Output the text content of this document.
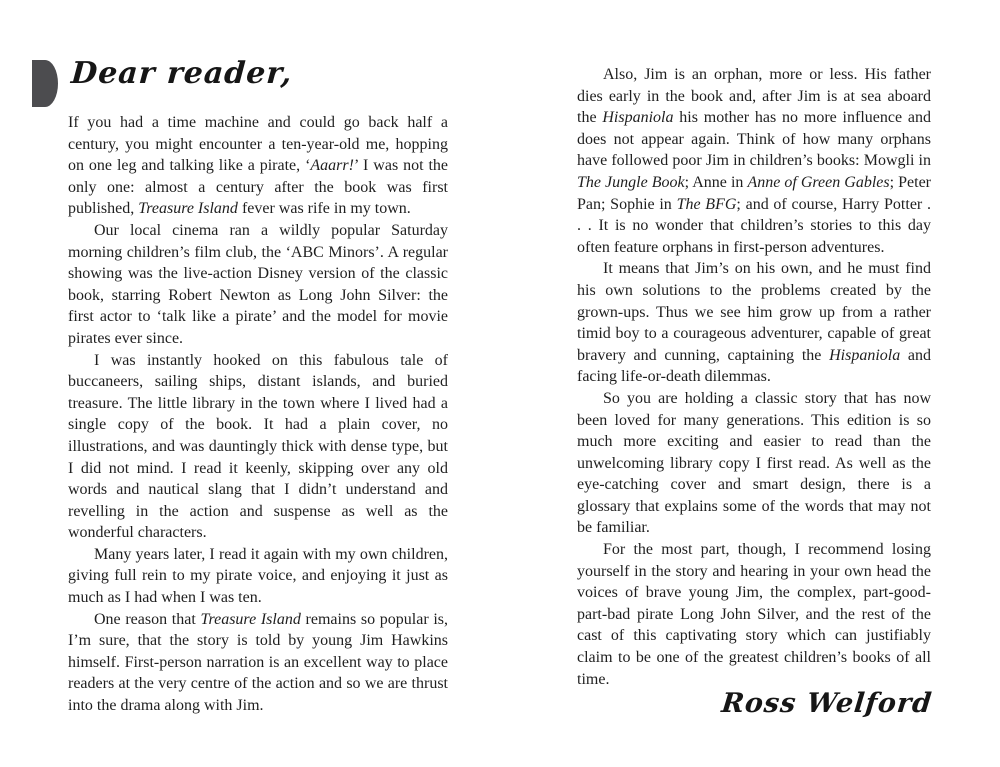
Dear reader,

If you had a time machine and could go back half a century, you might encounter a ten-year-old me, hopping on one leg and talking like a pirate, ‘Aaarr!’ I was not the only one: almost a century after the book was first published, Treasure Island fever was rife in my town.

Our local cinema ran a wildly popular Saturday morning children’s film club, the ‘ABC Minors’. A regular showing was the live-action Disney version of the classic book, starring Robert Newton as Long John Silver: the first actor to ‘talk like a pirate’ and the model for movie pirates ever since.

I was instantly hooked on this fabulous tale of buccaneers, sailing ships, distant islands, and buried treasure. The little library in the town where I lived had a single copy of the book. It had a plain cover, no illustrations, and was dauntingly thick with dense type, but I did not mind. I read it keenly, skipping over any old words and nautical slang that I didn’t understand and revelling in the action and suspense as well as the wonderful characters.

Many years later, I read it again with my own children, giving full rein to my pirate voice, and enjoying it just as much as I had when I was ten.

One reason that Treasure Island remains so popular is, I’m sure, that the story is told by young Jim Hawkins himself. First-person narration is an excellent way to place readers at the very centre of the action and so we are thrust into the drama along with Jim.

Also, Jim is an orphan, more or less. His father dies early in the book and, after Jim is at sea aboard the Hispaniola his mother has no more influence and does not appear again. Think of how many orphans have followed poor Jim in children’s books: Mowgli in The Jungle Book; Anne in Anne of Green Gables; Peter Pan; Sophie in The BFG; and of course, Harry Potter . . . It is no wonder that children’s stories to this day often feature orphans in first-person adventures.

It means that Jim’s on his own, and he must find his own solutions to the problems created by the grown-ups. Thus we see him grow up from a rather timid boy to a courageous adventurer, capable of great bravery and cunning, captaining the Hispaniola and facing life-or-death dilemmas.

So you are holding a classic story that has now been loved for many generations. This edition is so much more exciting and easier to read than the unwelcoming library copy I first read. As well as the eye-catching cover and smart design, there is a glossary that explains some of the words that may not be familiar.

For the most part, though, I recommend losing yourself in the story and hearing in your own head the voices of brave young Jim, the complex, part-good-part-bad pirate Long John Silver, and the rest of the cast of this captivating story which can justifiably claim to be one of the greatest children’s books of all time.

Ross Welford
